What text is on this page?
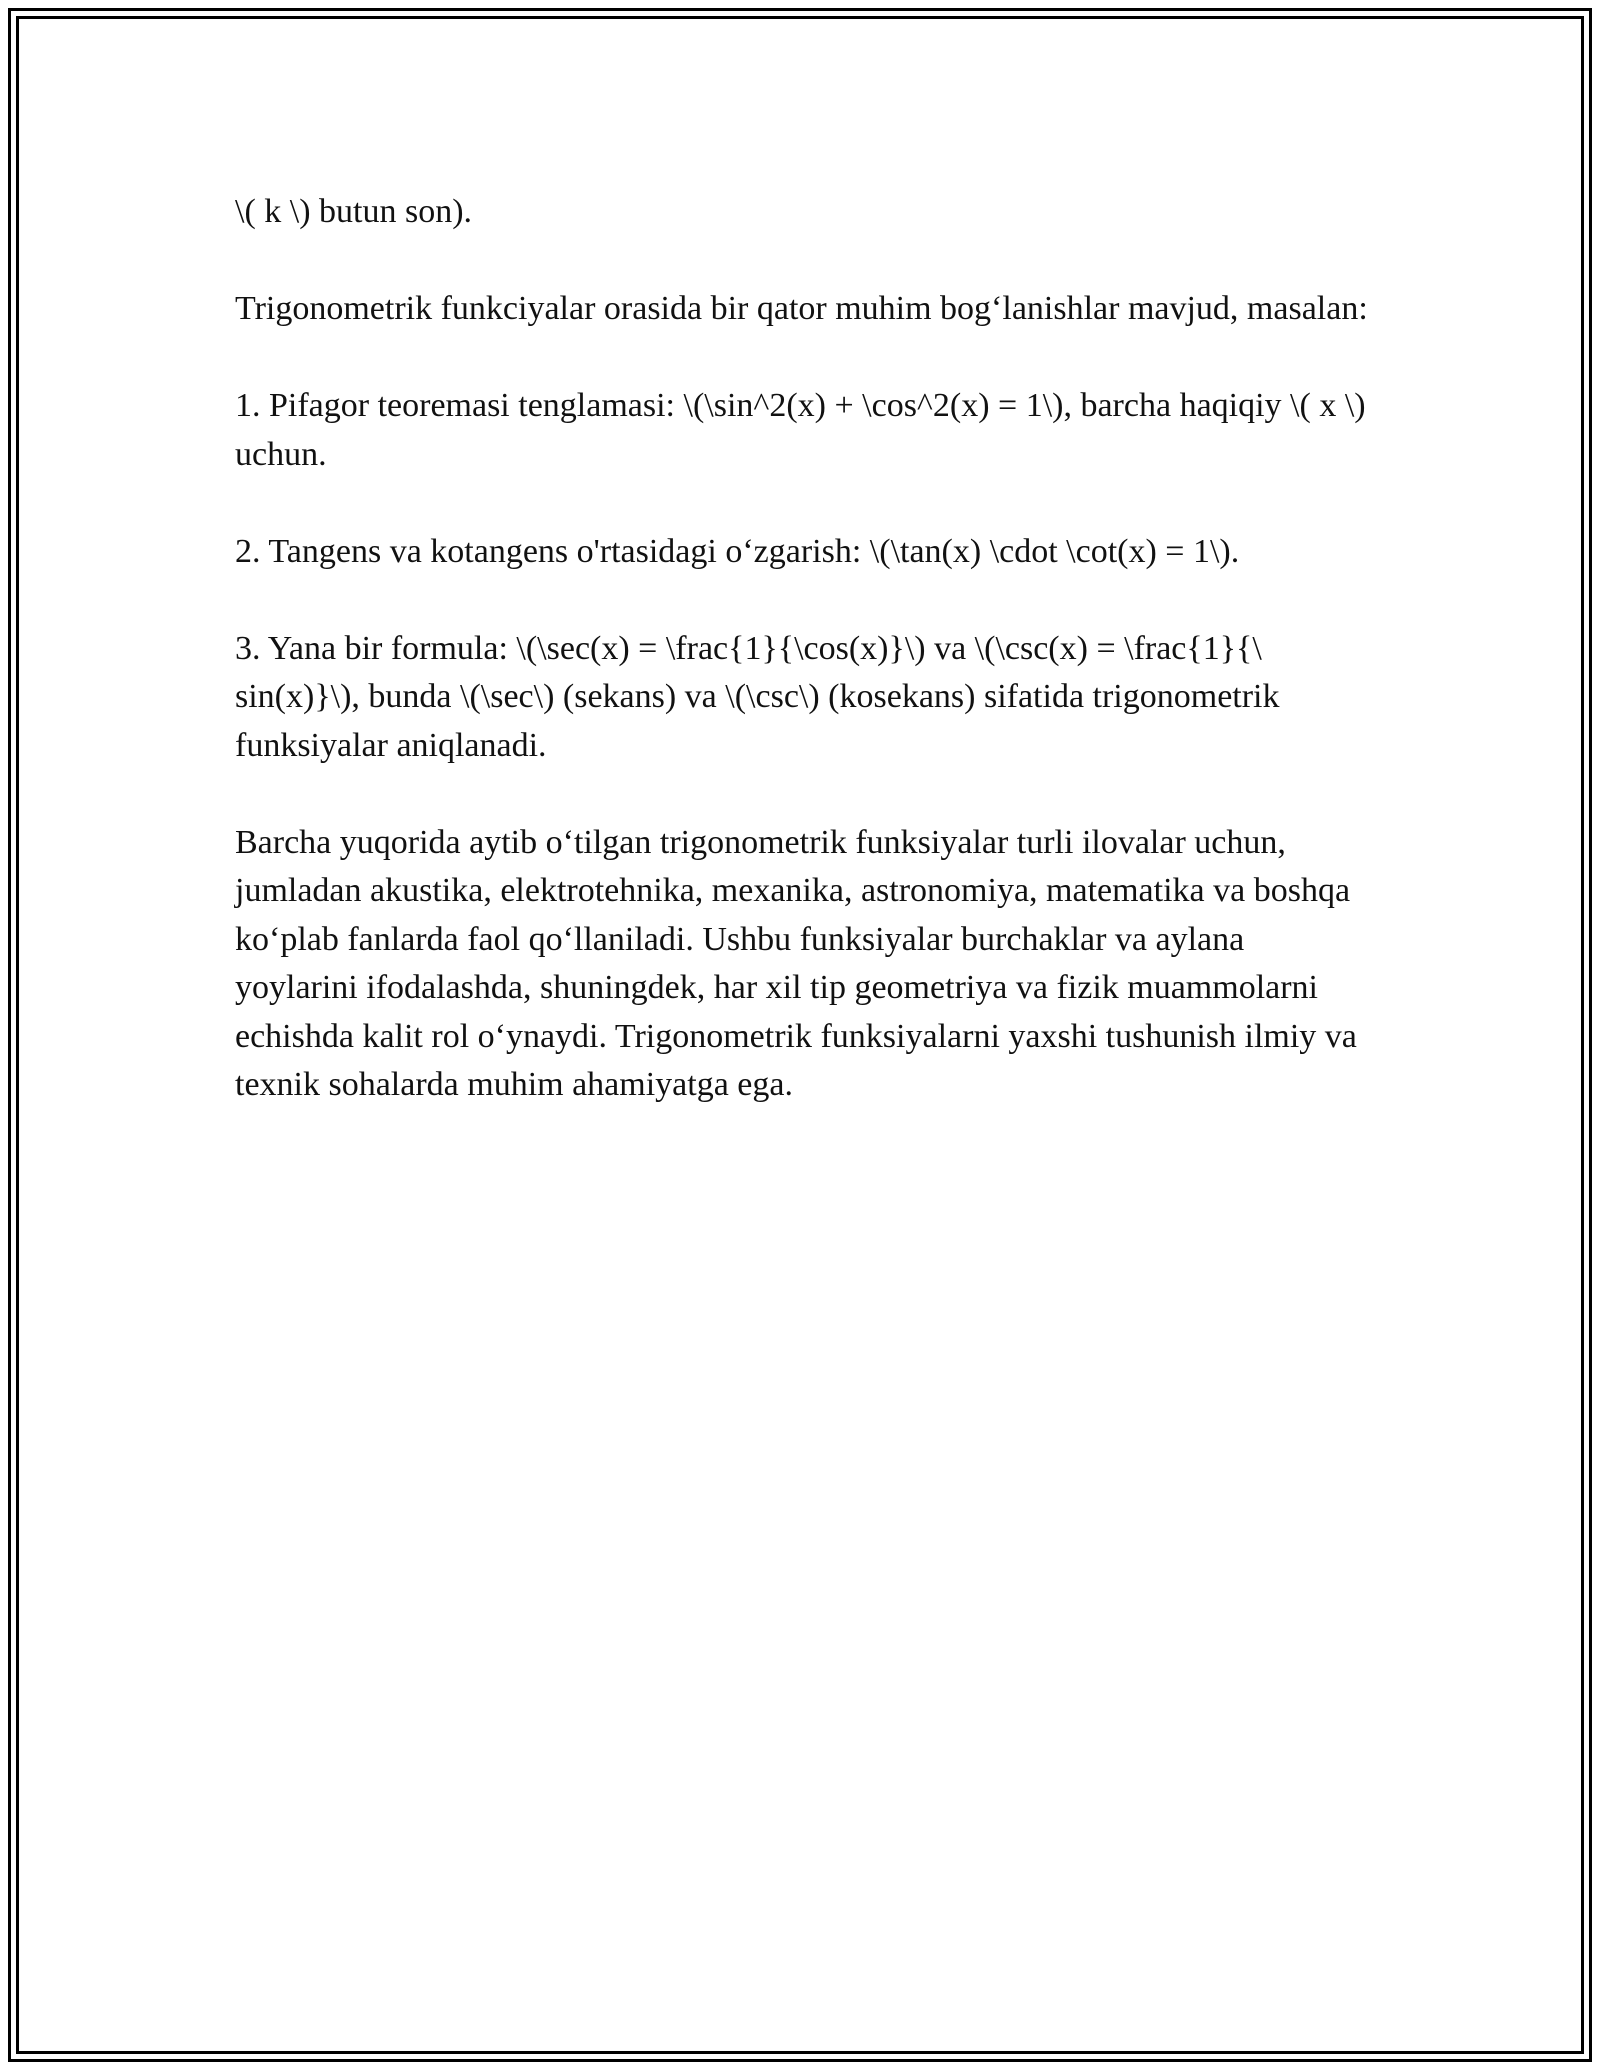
\( k \) butun son).

Trigonometrik funkciyalar orasida bir qator muhim bog‘lanishlar mavjud, masalan:

1. Pifagor teoremasi tenglamasi: \(\sin^2(x) + \cos^2(x) = 1\), barcha haqiqiy \( x \) uchun.

2. Tangens va kotangens o'rtasidagi o‘zgarish: \(\tan(x) \cdot \cot(x) = 1\).

3. Yana bir formula: \(\sec(x) = \frac{1}{\cos(x)}\) va \(\csc(x) = \frac{1}{\ sin(x)}\), bunda \(\sec\) (sekans) va \(\csc\) (kosekans) sifatida trigonometrik funksiyalar aniqlanadi.

Barcha yuqorida aytib o‘tilgan trigonometrik funksiyalar turli ilovalar uchun, jumladan akustika, elektrotehnika, mexanika, astronomiya, matematika va boshqa ko‘plab fanlarda faol qo‘llaniladi. Ushbu funksiyalar burchaklar va aylana yoylarini ifodalashda, shuningdek, har xil tip geometriya va fizik muammolarni echishda kalit rol o‘ynaydi. Trigonometrik funksiyalarni yaxshi tushunish ilmiy va texnik sohalarda muhim ahamiyatga ega.
